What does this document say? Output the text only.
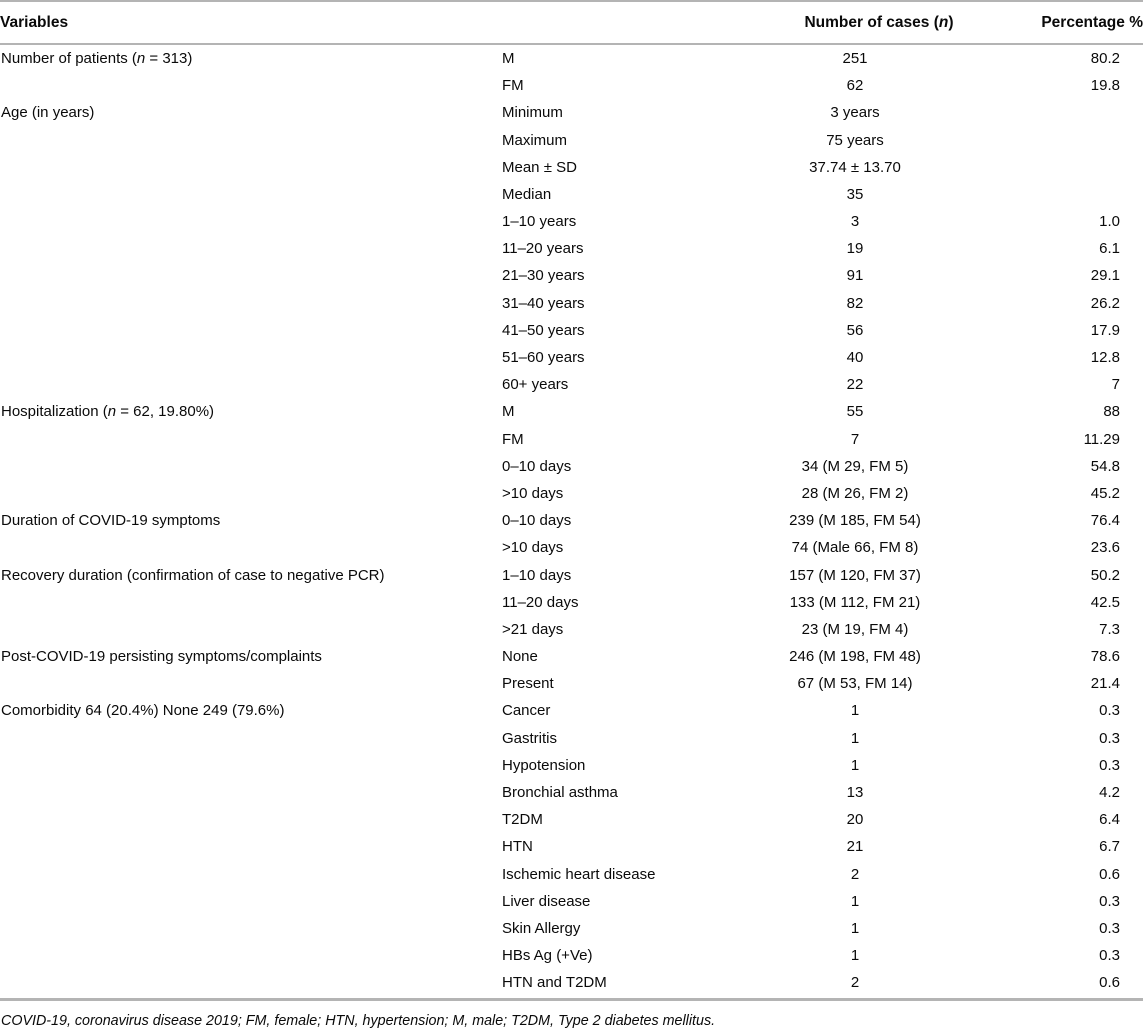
Variables		Number of cases (n)	Percentage %
Number of patients (n = 313)	M	251	80.2
	FM	62	19.8
Age (in years)	Minimum	3 years	
	Maximum	75 years	
	Mean ± SD	37.74 ± 13.70	
	Median	35	
	1–10 years	3	1.0
	11–20 years	19	6.1
	21–30 years	91	29.1
	31–40 years	82	26.2
	41–50 years	56	17.9
	51–60 years	40	12.8
	60+ years	22	7
Hospitalization (n = 62, 19.80%)	M	55	88
	FM	7	11.29
	0–10 days	34 (M 29, FM 5)	54.8
	>10 days	28 (M 26, FM 2)	45.2
Duration of COVID-19 symptoms	0–10 days	239 (M 185, FM 54)	76.4
	>10 days	74 (Male 66, FM 8)	23.6
Recovery duration (confirmation of case to negative PCR)	1–10 days	157 (M 120, FM 37)	50.2
	11–20 days	133 (M 112, FM 21)	42.5
	>21 days	23 (M 19, FM 4)	7.3
Post-COVID-19 persisting symptoms/complaints	None	246 (M 198, FM 48)	78.6
	Present	67 (M 53, FM 14)	21.4
Comorbidity 64 (20.4%) None 249 (79.6%)	Cancer	1	0.3
	Gastritis	1	0.3
	Hypotension	1	0.3
	Bronchial asthma	13	4.2
	T2DM	20	6.4
	HTN	21	6.7
	Ischemic heart disease	2	0.6
	Liver disease	1	0.3
	Skin Allergy	1	0.3
	HBs Ag (+Ve)	1	0.3
	HTN and T2DM	2	0.6
COVID-19, coronavirus disease 2019; FM, female; HTN, hypertension; M, male; T2DM, Type 2 diabetes mellitus.
